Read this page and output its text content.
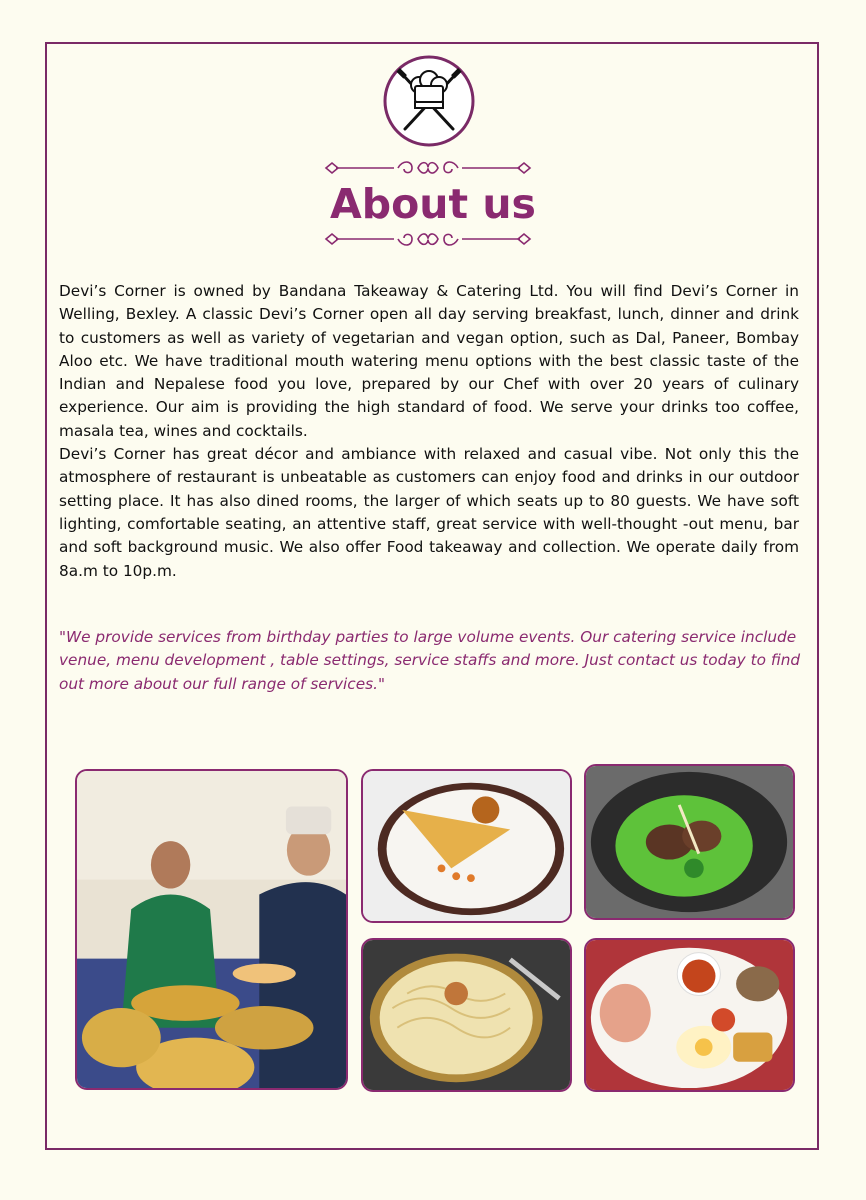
About us

Devi’s Corner is owned by Bandana Takeaway & Catering Ltd. You will find Devi’s Corner in Welling, Bexley. A classic Devi’s Corner open all day serving breakfast, lunch, dinner and drink to customers as well as variety of vegetarian and vegan option, such as Dal, Paneer, Bombay Aloo etc. We have traditional mouth watering menu options with the best classic taste of the Indian and Nepalese food you love, prepared by our Chef with over 20 years of culinary experience. Our aim is providing the high standard of food. We serve your drinks too coffee, masala tea, wines and cocktails.

Devi’s Corner has great décor and ambiance with relaxed and casual vibe. Not only this the atmosphere of restaurant is unbeatable as customers can enjoy food and drinks in our outdoor setting place. It has also dined rooms, the larger of which seats up to 80 guests. We have soft lighting, comfortable seating, an attentive staff, great service with well-thought -out menu, bar and soft background music. We also offer Food takeaway and collection. We operate daily from 8a.m to 10p.m.

"We provide services from birthday parties to large volume events. Our catering service include venue, menu development , table settings, service staffs and more. Just contact us today to find out more about our full range of services."
